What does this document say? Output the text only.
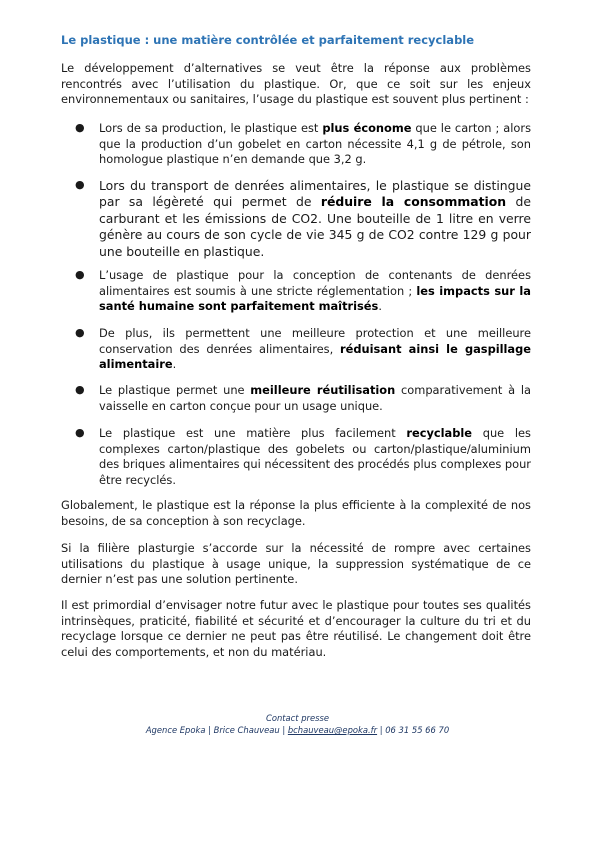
Le plastique : une matière contrôlée et parfaitement recyclable
Le développement d’alternatives se veut être la réponse aux problèmes rencontrés avec l’utilisation du plastique. Or, que ce soit sur les enjeux environnementaux ou sanitaires, l’usage du plastique est souvent plus pertinent :
● Lors de sa production, le plastique est plus économe que le carton ; alors que la production d’un gobelet en carton nécessite 4,1 g de pétrole, son homologue plastique n’en demande que 3,2 g.
● Lors du transport de denrées alimentaires, le plastique se distingue par sa légèreté qui permet de réduire la consommation de carburant et les émissions de CO2. Une bouteille de 1 litre en verre génère au cours de son cycle de vie 345 g de CO2 contre 129 g pour une bouteille en plastique.
● L’usage de plastique pour la conception de contenants de denrées alimentaires est soumis à une stricte réglementation ; les impacts sur la santé humaine sont parfaitement maîtrisés.
● De plus, ils permettent une meilleure protection et une meilleure conservation des denrées alimentaires, réduisant ainsi le gaspillage alimentaire.
● Le plastique permet une meilleure réutilisation comparativement à la vaisselle en carton conçue pour un usage unique.
● Le plastique est une matière plus facilement recyclable que les complexes carton/plastique des gobelets ou carton/plastique/aluminium des briques alimentaires qui nécessitent des procédés plus complexes pour être recyclés.
Globalement, le plastique est la réponse la plus efficiente à la complexité de nos besoins, de sa conception à son recyclage.
Si la filière plasturgie s’accorde sur la nécessité de rompre avec certaines utilisations du plastique à usage unique, la suppression systématique de ce dernier n’est pas une solution pertinente.
Il est primordial d’envisager notre futur avec le plastique pour toutes ses qualités intrinsèques, praticité, fiabilité et sécurité et d’encourager la culture du tri et du recyclage lorsque ce dernier ne peut pas être réutilisé. Le changement doit être celui des comportements, et non du matériau.
Contact presse
Agence Epoka | Brice Chauveau | bchauveau@epoka.fr | 06 31 55 66 70
